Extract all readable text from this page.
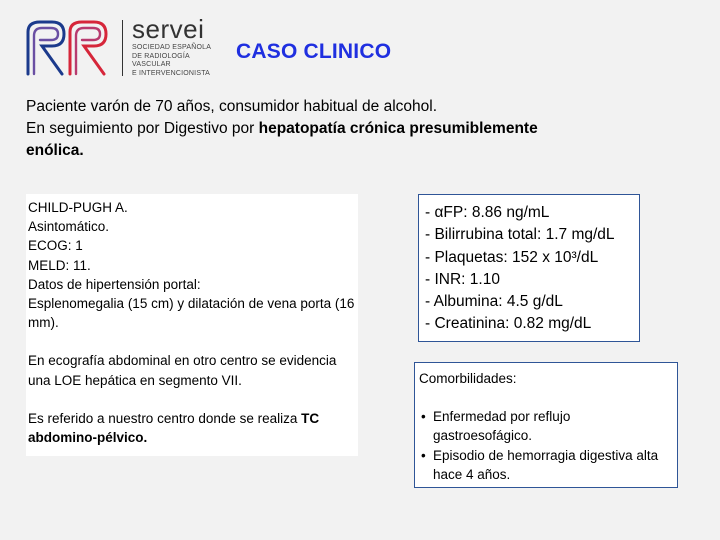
servei
SOCIEDAD ESPAÑOLA
DE RADIOLOGÍA
VASCULAR
E INTERVENCIONISTA
CASO CLINICO

Paciente varón de 70 años, consumidor habitual de alcohol.

En seguimiento por Digestivo por hepatopatía crónica presumiblemente enólica.

CHILD-PUGH A.

Asintomático.

ECOG: 1

MELD: 11.

Datos de hipertensión portal:

Esplenomegalia (15 cm) y dilatación de vena porta (16 mm).

En ecografía abdominal en otro centro se evidencia una LOE hepática en segmento VII.

Es referido a nuestro centro donde se realiza TC abdomino-pélvico.

- αFP: 8.86 ng/mL
- Bilirrubina total: 1.7 mg/dL
- Plaquetas: 152 x 10³/dL
- INR: 1.10
- Albumina: 4.5 g/dL
- Creatinina: 0.82 mg/dL
Comorbilidades:
• Enfermedad por reflujo gastroesofágico.
• Episodio de hemorragia digestiva alta hace 4 años.
